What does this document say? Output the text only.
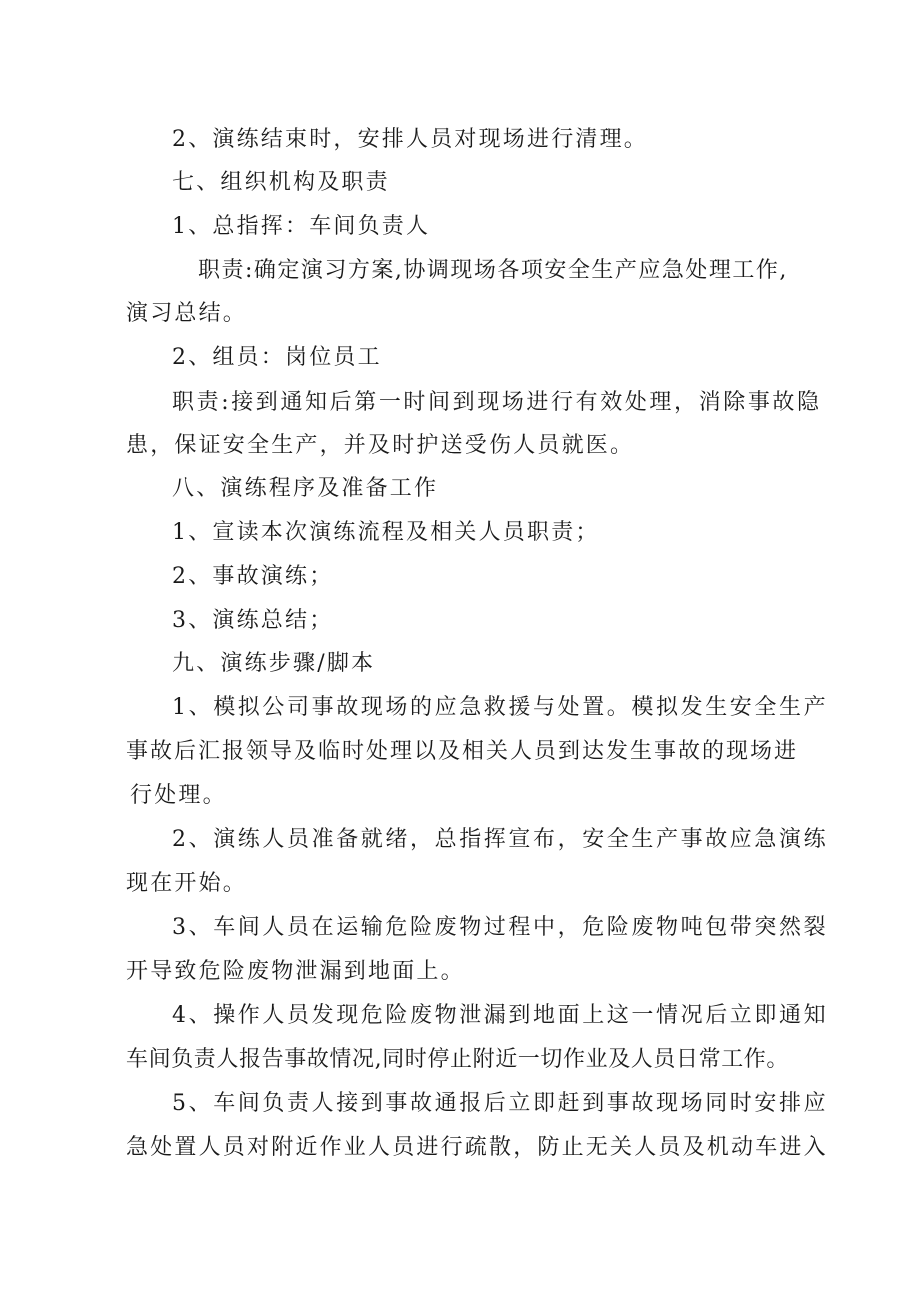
2、演练结束时，安排人员对现场进行清理。
七、组织机构及职责
1、总指挥：车间负责人
职责:确定演习方案,协调现场各项安全生产应急处理工作,
演习总结。
2、组员：岗位员工
职责:接到通知后第一时间到现场进行有效处理，消除事故隐
患，保证安全生产，并及时护送受伤人员就医。
八、演练程序及准备工作
1、宣读本次演练流程及相关人员职责；
2、事故演练；
3、演练总结；
九、演练步骤/脚本
1、模拟公司事故现场的应急救援与处置。模拟发生安全生产
事故后汇报领导及临时处理以及相关人员到达发生事故的现场进
行处理。
2、演练人员准备就绪，总指挥宣布，安全生产事故应急演练
现在开始。
3、车间人员在运输危险废物过程中，危险废物吨包带突然裂
开导致危险废物泄漏到地面上。
4、操作人员发现危险废物泄漏到地面上这一情况后立即通知
车间负责人报告事故情况,同时停止附近一切作业及人员日常工作。
5、车间负责人接到事故通报后立即赶到事故现场同时安排应
急处置人员对附近作业人员进行疏散，防止无关人员及机动车进入
